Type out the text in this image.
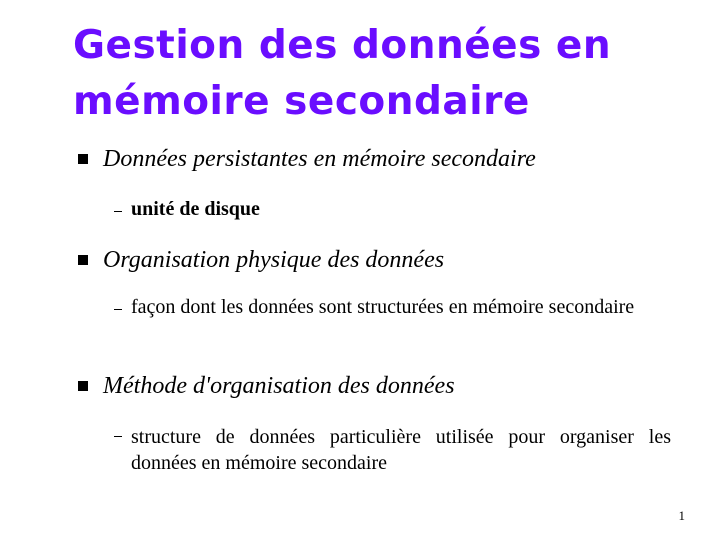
Gestion des données en mémoire secondaire
Données persistantes en mémoire secondaire
unité de disque
Organisation physique des données
façon dont les données sont structurées en mémoire secondaire
Méthode d'organisation des données
structure de données particulière utilisée pour organiser les données en mémoire secondaire
1
